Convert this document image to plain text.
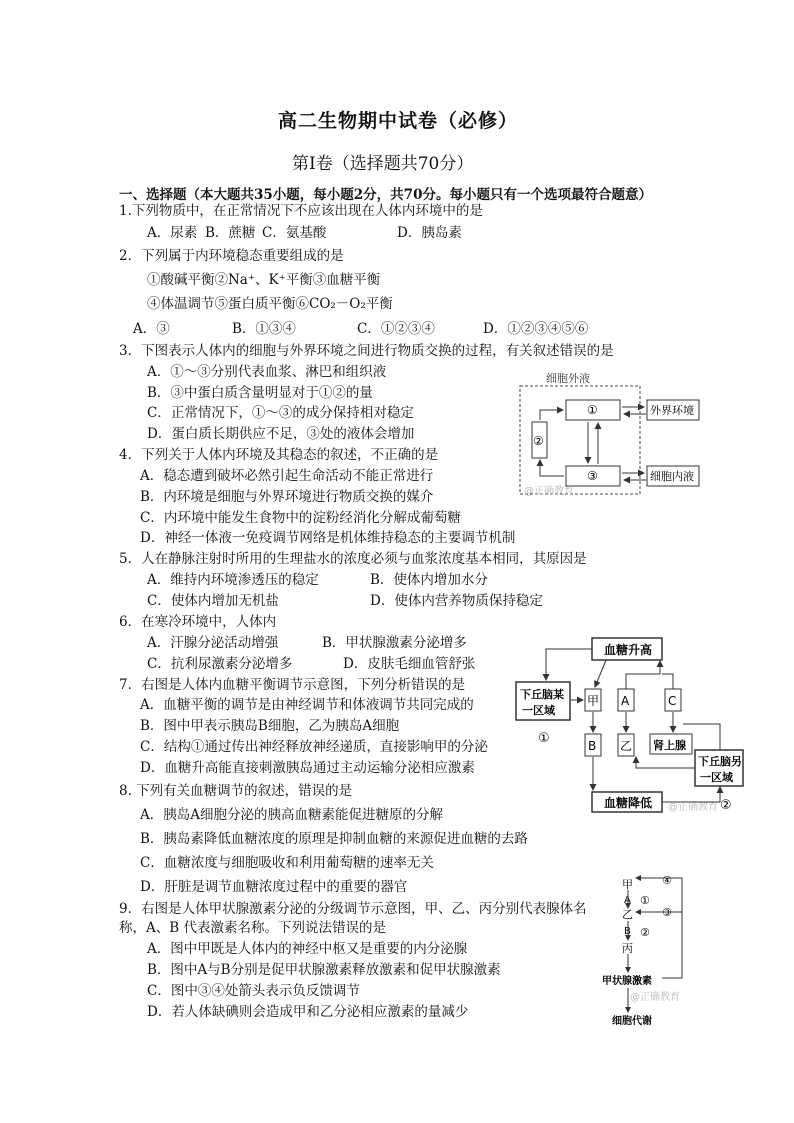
高二生物期中试卷（必修）
第Ⅰ卷（选择题共70分）
一、选择题（本大题共35小题，每小题2分，共70分。每小题只有一个选项最符合题意）
1.下列物质中，在正常情况下不应该出现在人体内环境中的是
A．尿素 B．蔗糖 C．氨基酸	D．胰岛素
2．下列属于内环境稳态重要组成的是
①酸碱平衡②Na⁺、K⁺平衡③血糖平衡
④体温调节⑤蛋白质平衡⑥CO₂－O₂平衡
A．③	B．①③④	C．①②③④	D．①②③④⑤⑥
3．下图表示人体内的细胞与外界环境之间进行物质交换的过程，有关叙述错误的是
A．①～③分别代表血浆、淋巴和组织液
B．③中蛋白质含量明显对于①②的量
C．正常情况下，①～③的成分保持相对稳定
D．蛋白质长期供应不足，③处的液体会增加
4．下列关于人体内环境及其稳态的叙述，不正确的是
A．稳态遭到破坏必然引起生命活动不能正常进行
B．内环境是细胞与外界环境进行物质交换的媒介
C．内环境中能发生食物中的淀粉经消化分解成葡萄糖
D．神经一体液一免疫调节网络是机体维持稳态的主要调节机制
5．人在静脉注射时所用的生理盐水的浓度必须与血浆浓度基本相同，其原因是
A．维持内环境渗透压的稳定	B．使体内增加水分
C．使体内增加无机盐	D．使体内营养物质保持稳定
6．在寒冷环境中，人体内
A．汗腺分泌活动增强	B．甲状腺激素分泌增多
C．抗利尿激素分泌增多	D．皮肤毛细血管舒张
7．右图是人体内血糖平衡调节示意图，下列分析错误的是
A．血糖平衡的调节是由神经调节和体液调节共同完成的
B．图中甲表示胰岛B细胞，乙为胰岛A细胞
C．结构①通过传出神经释放神经递质，直接影响甲的分泌
D．血糖升高能直接刺激胰岛通过主动运输分泌相应激素
8. 下列有关血糖调节的叙述，错误的是
A．胰岛A细胞分泌的胰高血糖素能促进糖原的分解
B．胰岛素降低血糖浓度的原理是抑制血糖的来源促进血糖的去路
C．血糖浓度与细胞吸收和利用葡萄糖的速率无关
D．肝脏是调节血糖浓度过程中的重要的器官
9．右图是人体甲状腺激素分泌的分级调节示意图，甲、乙、丙分别代表腺体名
称，A、B 代表激素名称。下列说法错误的是
A．图中甲既是人体内的神经中枢又是重要的内分泌腺
B．图中A与B分别是促甲状腺激素释放激素和促甲状腺激素
C．图中③④处箭头表示负反馈调节
D．若人体缺碘则会造成甲和乙分泌相应激素的量减少
细胞外液
①
②
③
外界环境
细胞内液
@正确教育
血糖升高
下丘脑某
一区域
①
甲 A	C
B 乙 肾上腺
下丘脑另
一区域
血糖降低	②
@正确教育
甲
A
乙
B
丙
甲状腺激素
细胞代谢
①
②
③
④
@正确教育
